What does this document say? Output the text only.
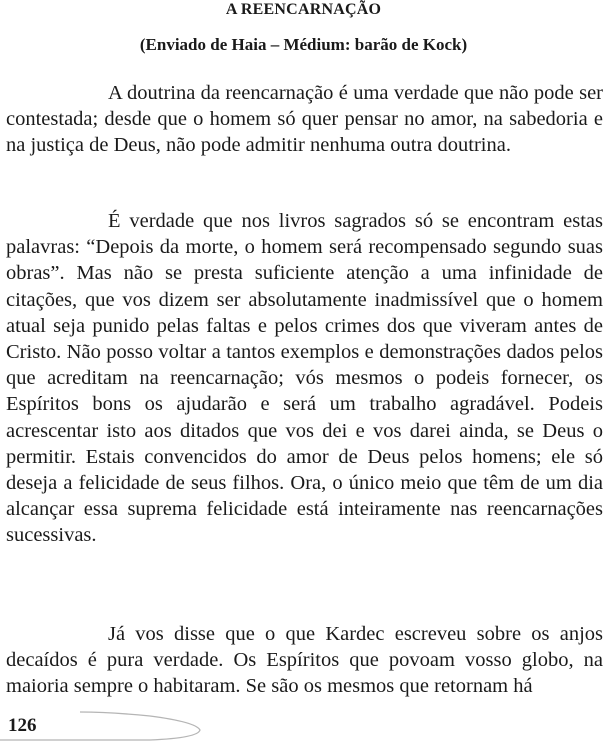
A REENCARNAÇÃO
(Enviado de Haia – Médium: barão de Kock)

A doutrina da reencarnação é uma verdade que não pode ser contestada; desde que o homem só quer pensar no amor, na sabedoria e na justiça de Deus, não pode admitir nenhuma outra doutrina.

É verdade que nos livros sagrados só se encontram estas palavras: “Depois da morte, o homem será recompensado segundo suas obras”. Mas não se presta suficiente atenção a uma infinidade de citações, que vos dizem ser absolutamente inadmissível que o homem atual seja punido pelas faltas e pelos crimes dos que viveram antes de Cristo. Não posso voltar a tantos exemplos e demonstrações dados pelos que acreditam na reencarnação; vós mesmos o podeis fornecer, os Espíritos bons os ajudarão e será um trabalho agradável. Podeis acrescentar isto aos ditados que vos dei e vos darei ainda, se Deus o permitir. Estais convencidos do amor de Deus pelos homens; ele só deseja a felicidade de seus filhos. Ora, o único meio que têm de um dia alcançar essa suprema felicidade está inteiramente nas reencarnações sucessivas.

Já vos disse que o que Kardec escreveu sobre os anjos decaídos é pura verdade. Os Espíritos que povoam vosso globo, na maioria sempre o habitaram. Se são os mesmos que retornam há

126
